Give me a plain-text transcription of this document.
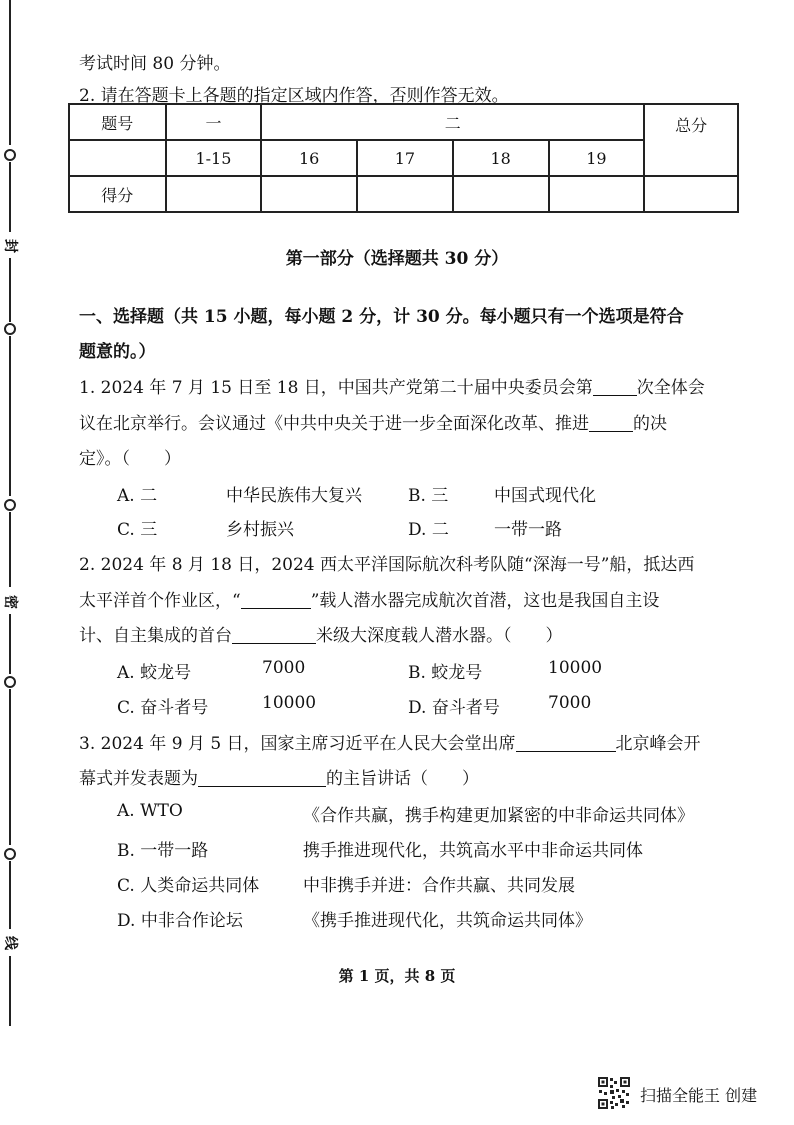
封
密
线
考试时间 80 分钟。
2. 请在答题卡上各题的指定区域内作答，否则作答无效。
题号	一	二				总分
	1-15	16	17	18	19	
得分						
第一部分（选择题共 30 分）
一、选择题（共 15 小题，每小题 2 分，计 30 分。每小题只有一个选项是符合
题意的。）
1. 2024 年 7 月 15 日至 18 日，中国共产党第二十届中央委员会第	次全体会
议在北京举行。会议通过《中共中央关于进一步全面深化改革、推进	的决
定》。（　　）
A. 二	中华民族伟大复兴	B. 三	中国式现代化
C. 三	乡村振兴	D. 二	一带一路
2. 2024 年 8 月 18 日，2024 西太平洋国际航次科考队随“深海一号”船，抵达西
太平洋首个作业区，“	”载人潜水器完成航次首潜，这也是我国自主设
计、自主集成的首台	米级大深度载人潜水器。（　　）
A. 蛟龙号	7000	B. 蛟龙号	10000
C. 奋斗者号	10000	D. 奋斗者号	7000
3. 2024 年 9 月 5 日，国家主席习近平在人民大会堂出席	北京峰会开
幕式并发表题为	的主旨讲话（　　）
A. WTO	《合作共赢，携手构建更加紧密的中非命运共同体》
B. 一带一路	携手推进现代化，共筑高水平中非命运共同体
C. 人类命运共同体	中非携手并进：合作共赢、共同发展
D. 中非合作论坛	《携手推进现代化，共筑命运共同体》
第 1 页，共 8 页
扫描全能王 创建
